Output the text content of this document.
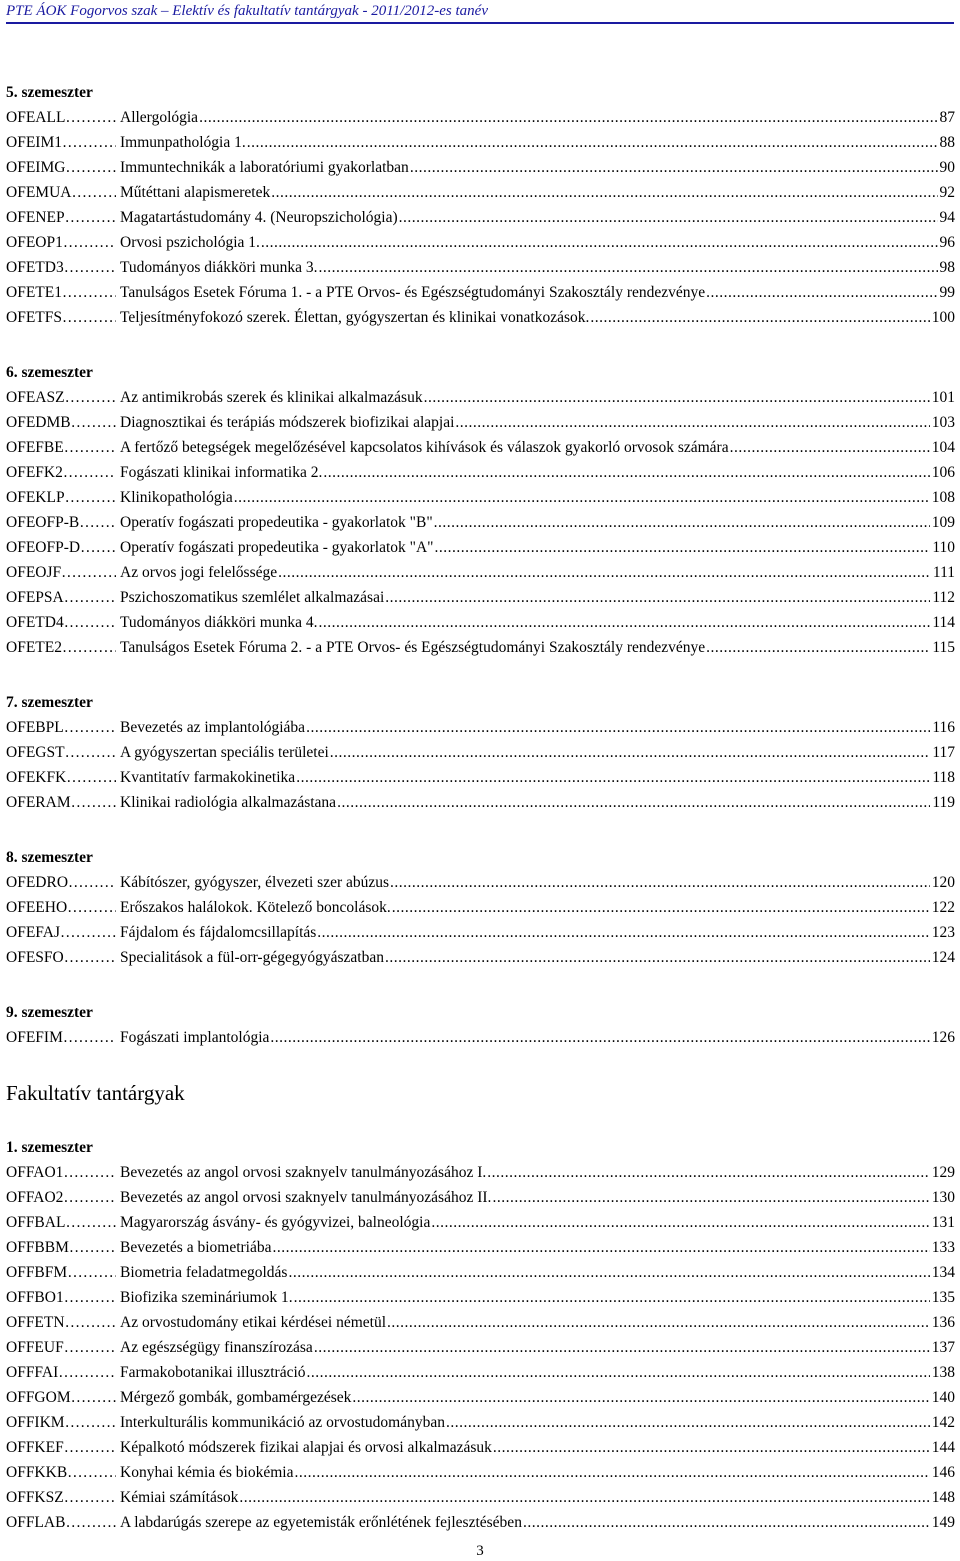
PTE ÁOK Fogorvos szak – Elektív és fakultatív tantárgyak - 2011/2012-es tanév
5. szemeszter
OFEALL ……………………	Allergológia .....	87
OFEIM1 ……………………	Immunpathológia 1. .....	88
OFEIMG ……………………	Immuntechnikák a laboratóriumi gyakorlatban .....	90
OFEMUA ……………………	Műtéttani alapismeretek .....	92
OFENEP ……………………	Magatartástudomány 4. (Neuropszichológia) .....	94
OFEOP1 ……………………	Orvosi pszichológia 1. .....	96
OFETD3 ……………………	Tudományos diákköri munka 3. .....	98
OFETE1 ……………………	Tanulságos Esetek Fóruma 1. - a PTE Orvos- és Egészségtudományi Szakosztály rendezvénye .....	99
OFETFS ……………………	Teljesítményfokozó szerek. Élettan, gyógyszertan és klinikai vonatkozások. .....	100
6. szemeszter
OFEASZ ……………………	Az antimikrobás szerek és klinikai alkalmazásuk .....	101
OFEDMB ……………………	Diagnosztikai és terápiás módszerek biofizikai alapjai .....	103
OFEFBE ……………………	A fertőző betegségek megelőzésével kapcsolatos kihívások és válaszok gyakorló orvosok számára .....	104
OFEFK2 ……………………	Fogászati klinikai informatika 2. .....	106
OFEKLP ……………………	Klinikopathológia .....	108
OFEOFP-B ……………………	Operatív fogászati propedeutika - gyakorlatok "B" .....	109
OFEOFP-D ……………………	Operatív fogászati propedeutika - gyakorlatok "A" .....	110
OFEOJF ……………………	Az orvos jogi felelőssége .....	111
OFEPSA ……………………	Pszichoszomatikus szemlélet alkalmazásai .....	112
OFETD4 ……………………	Tudományos diákköri munka 4. .....	114
OFETE2 ……………………	Tanulságos Esetek Fóruma 2. - a PTE Orvos- és Egészségtudományi Szakosztály rendezvénye .....	115
7. szemeszter
OFEBPL ……………………	Bevezetés az implantológiába .....	116
OFEGST ……………………	A gyógyszertan speciális területei .....	117
OFEKFK ……………………	Kvantitatív farmakokinetika .....	118
OFERAM ……………………	Klinikai radiológia alkalmazástana .....	119
8. szemeszter
OFEDRO ……………………	Kábítószer, gyógyszer, élvezeti szer abúzus .....	120
OFEEHO ……………………	Erőszakos halálokok. Kötelező boncolások. .....	122
OFEFAJ ……………………	Fájdalom és fájdalomcsillapítás .....	123
OFESFO ……………………	Specialitások a fül-orr-gégegyógyászatban .....	124
9. szemeszter
OFEFIM ……………………	Fogászati implantológia .....	126
Fakultatív tantárgyak
1. szemeszter
OFFAO1 ……………………	Bevezetés az angol orvosi szaknyelv tanulmányozásához I. .....	129
OFFAO2 ……………………	Bevezetés az angol orvosi szaknyelv tanulmányozásához II. .....	130
OFFBAL ……………………	Magyarország ásvány- és gyógyvizei, balneológia .....	131
OFFBBM ……………………	Bevezetés a biometriába .....	133
OFFBFM ……………………	Biometria feladatmegoldás .....	134
OFFBO1 ……………………	Biofizika szemináriumok 1. .....	135
OFFETN ……………………	Az orvostudomány etikai kérdései németül .....	136
OFFEUF ……………………	Az egészségügy finanszírozása .....	137
OFFFAI ……………………	Farmakobotanikai illusztráció .....	138
OFFGOM ……………………	Mérgező gombák, gombamérgezések .....	140
OFFIKM ……………………	Interkulturális kommunikáció az orvostudományban .....	142
OFFKEF ……………………	Képalkotó módszerek fizikai alapjai és orvosi alkalmazásuk .....	144
OFFKKB ……………………	Konyhai kémia és biokémia .....	146
OFFKSZ ……………………	Kémiai számítások .....	148
OFFLAB ……………………	A labdarúgás szerepe az egyetemisták erőnlétének fejlesztésében .....	149
3
